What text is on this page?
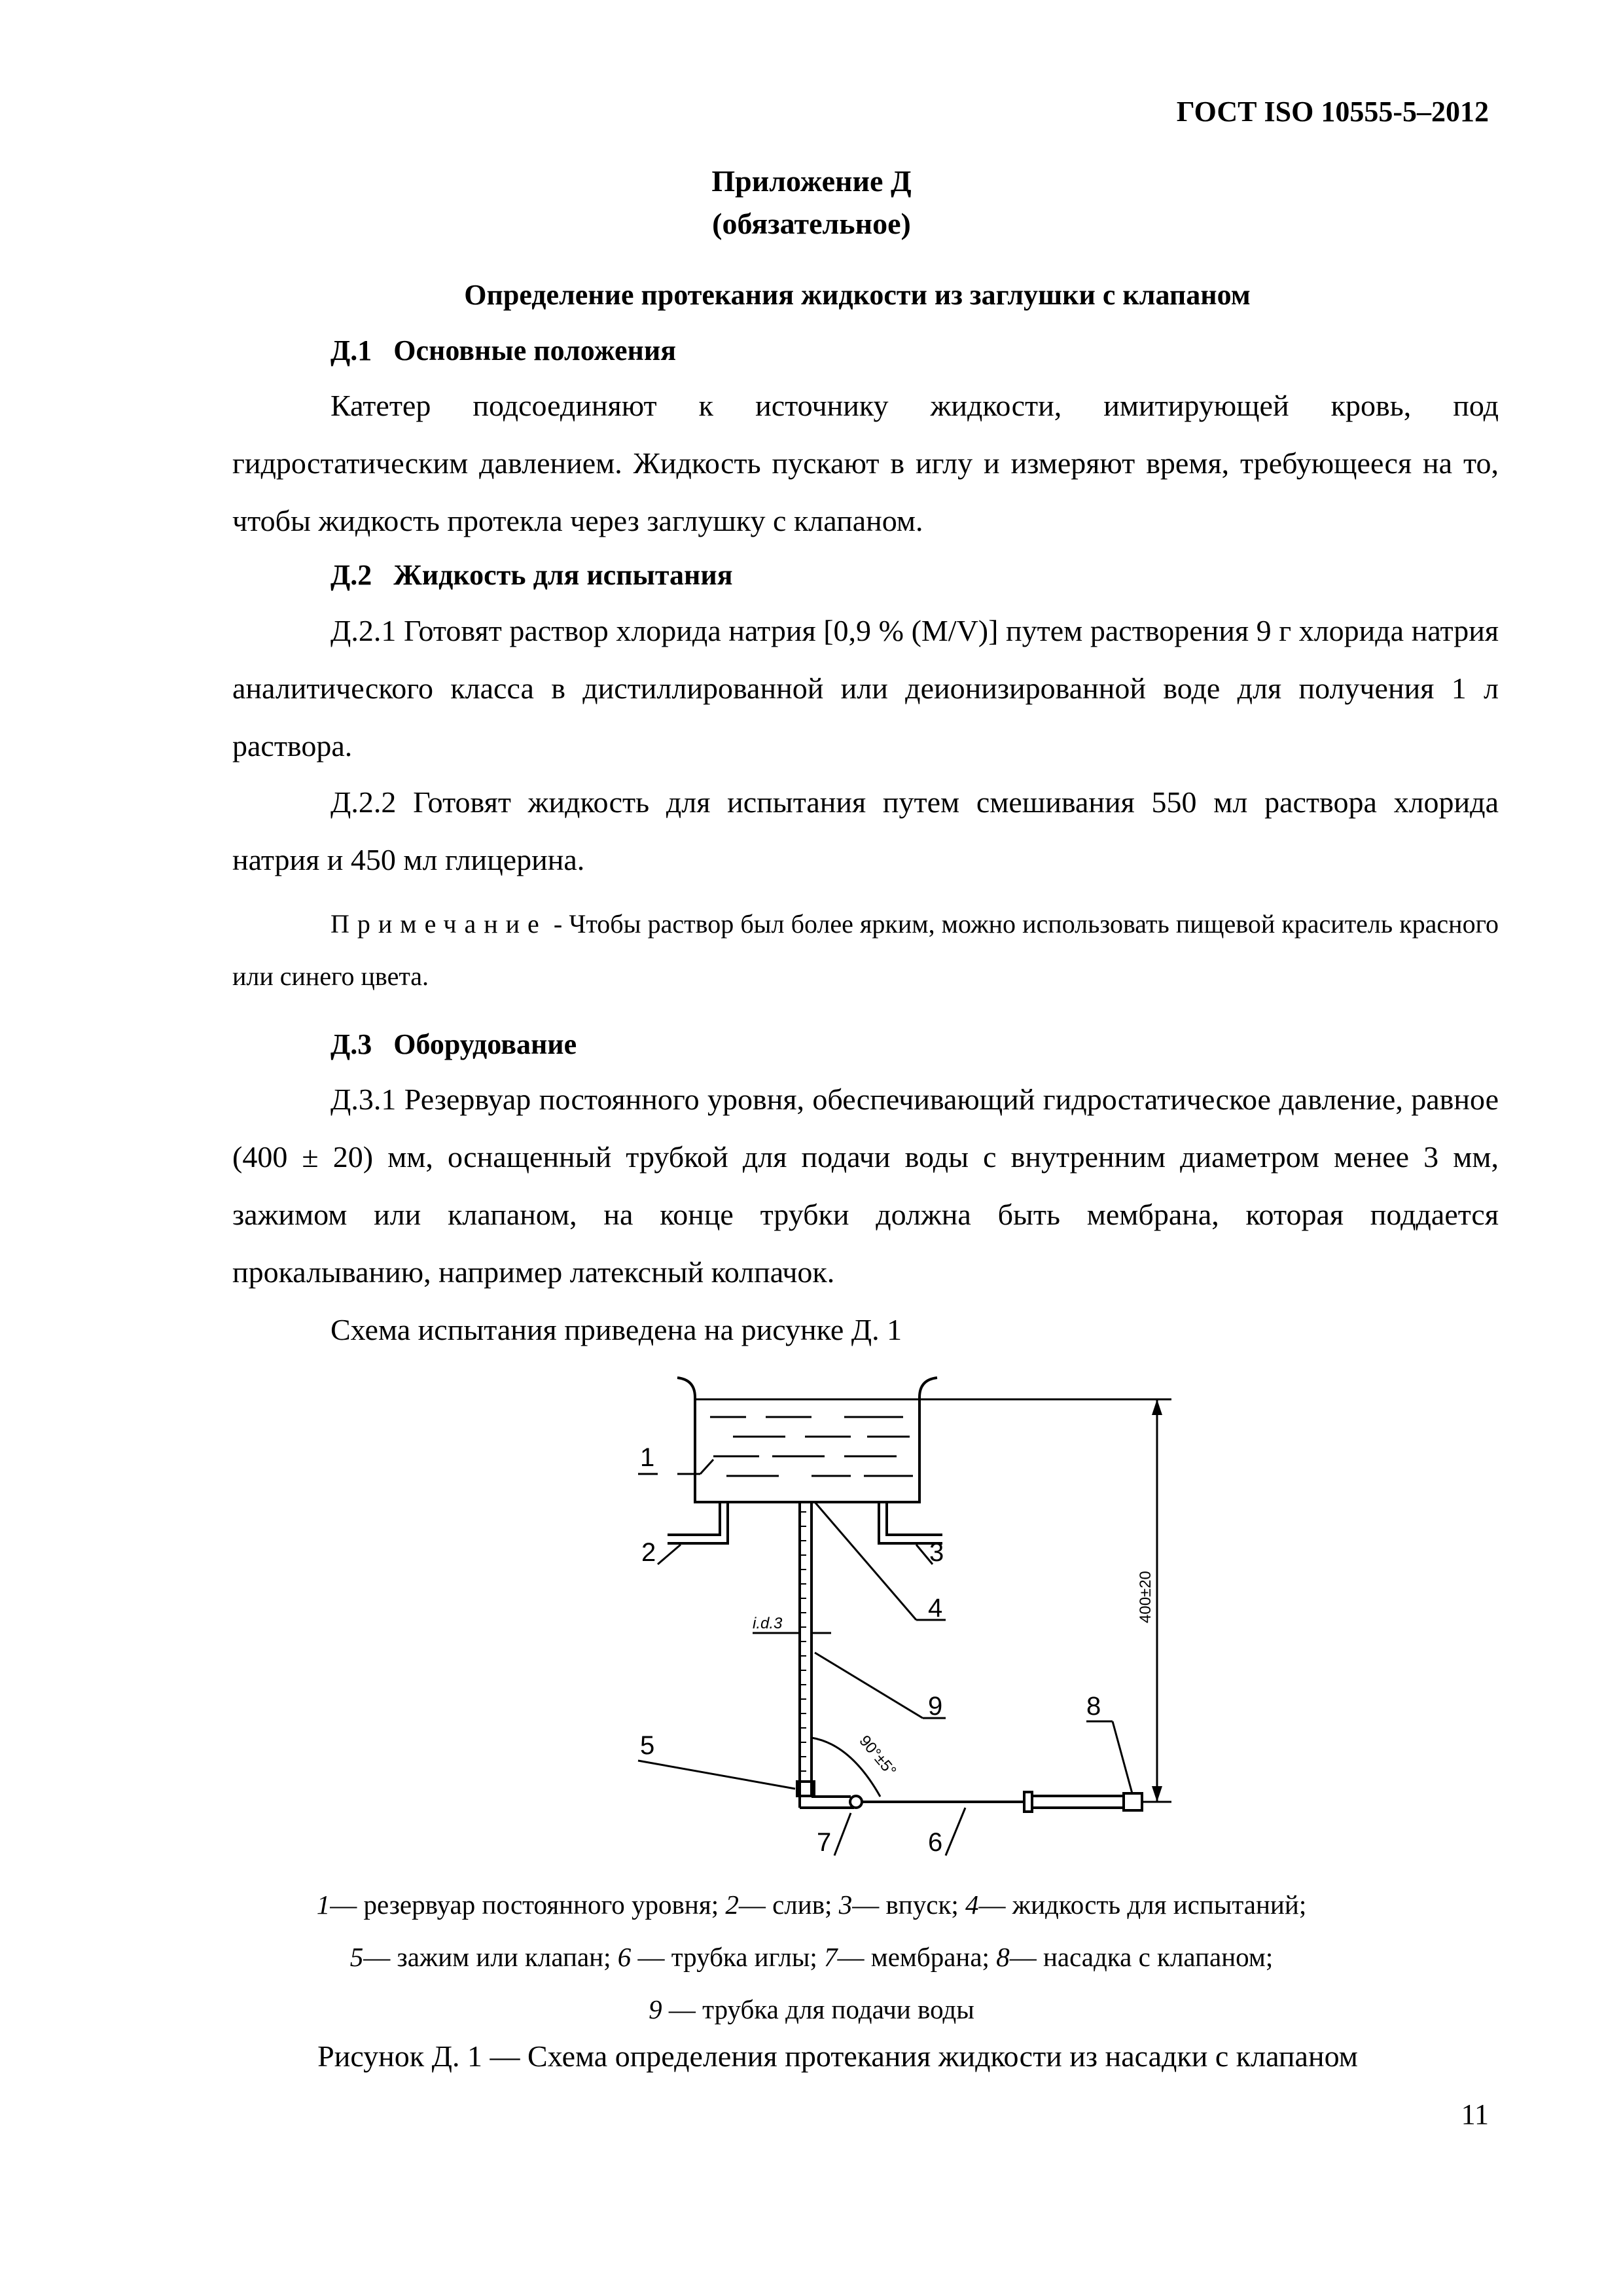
ГОСТ ISO 10555-5–2012
Приложение Д
(обязательное)
Определение протекания жидкости из заглушки с клапаном
Д.1   Основные положения

Катетер подсоединяют к источнику жидкости, имитирующей кровь, под гидростатическим давлением. Жидкость пускают в иглу и измеряют время, требующееся на то, чтобы жидкость протекла через заглушку с клапаном.

Д.2   Жидкость для испытания

Д.2.1 Готовят раствор хлорида натрия [0,9 % (M/V)] путем растворения 9 г хлорида натрия аналитического класса в дистиллированной или деионизированной воде для получения 1 л раствора.

Д.2.2 Готовят жидкость для испытания путем смешивания 550 мл раствора хлорида натрия и 450 мл глицерина.

Примечание - Чтобы раствор был более ярким, можно использовать пищевой краситель красного или синего цвета.
Д.3   Оборудование

Д.3.1 Резервуар постоянного уровня, обеспечивающий гидростатическое давление, равное (400 ± 20) мм, оснащенный трубкой для подачи воды с внутренним диаметром менее 3 мм, зажимом или клапаном, на конце трубки должна быть мембрана, которая поддается прокалыванию, например латексный колпачок.

Схема испытания приведена на рисунке Д. 1

1
2	3
4
5
9	8
7	6
i.d.3
400±20
90°±5°
1— резервуар постоянного уровня; 2— слив; 3— впуск; 4— жидкость для испытаний;
5— зажим или клапан; 6 — трубка иглы; 7— мембрана; 8— насадка с клапаном;
9 — трубка для подачи воды
Рисунок Д. 1 — Схема определения протекания жидкости из насадки с клапаном
11
